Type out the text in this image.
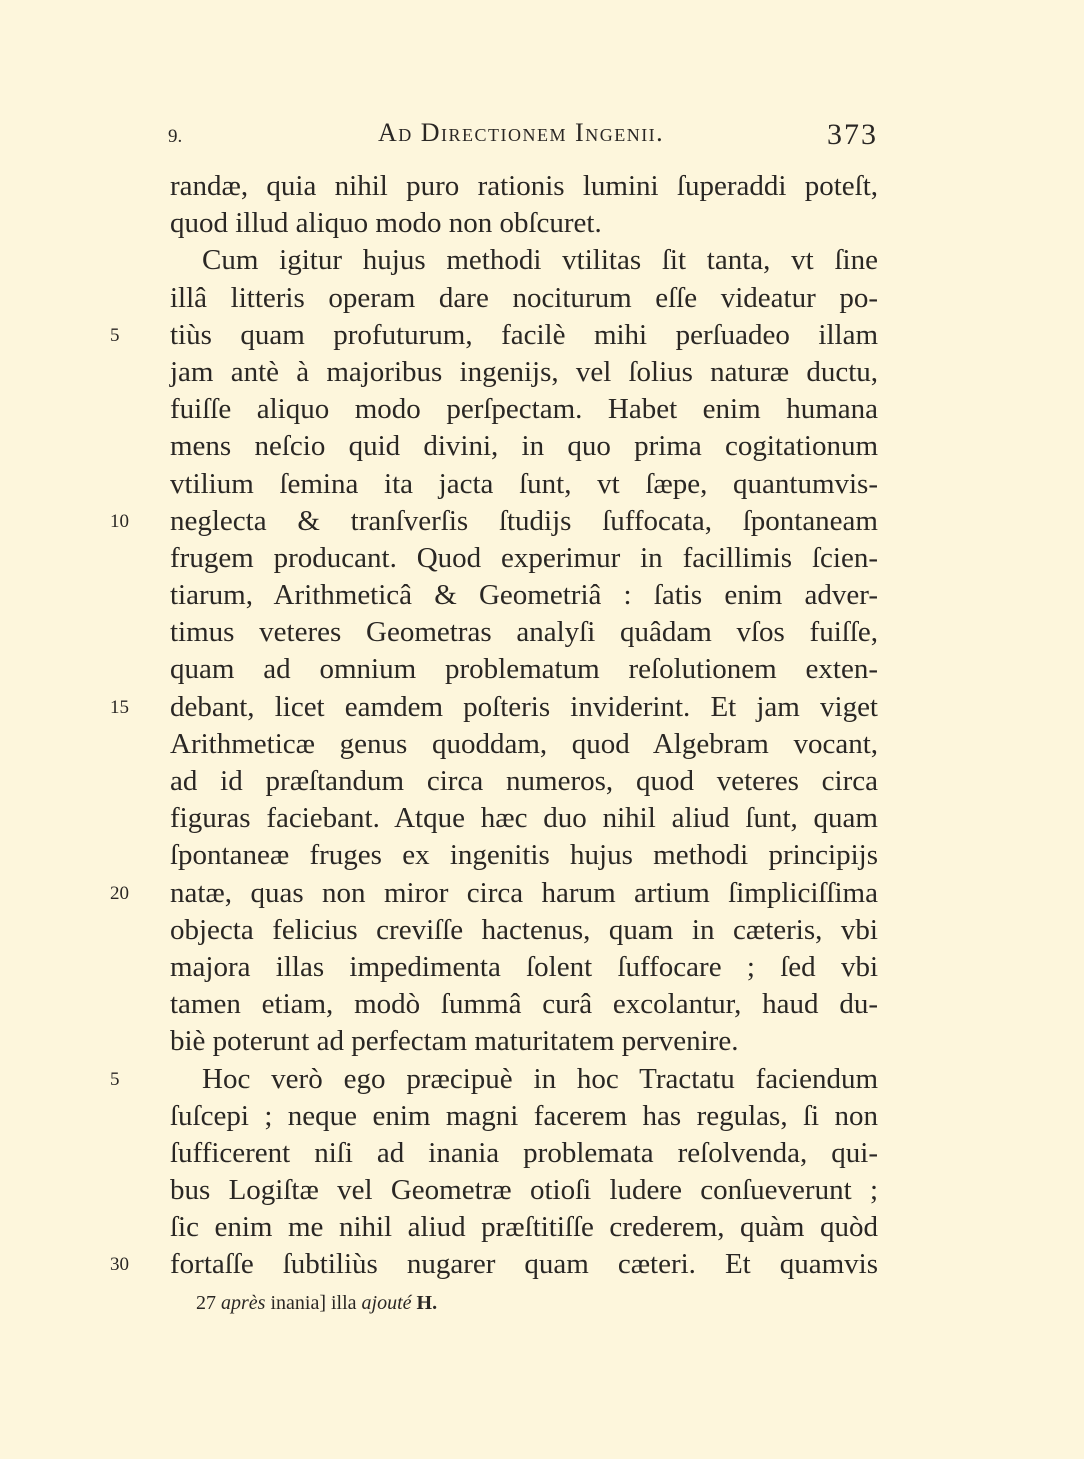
9.	Ad Directionem Ingenii.	373
randæ, quia nihil puro rationis lumini ſuperaddi poteſt,
quod illud aliquo modo non obſcuret.
Cum igitur hujus methodi vtilitas ſit tanta, vt ſine
illâ litteris operam dare nociturum eſſe videatur po-
tiùs quam profuturum, facilè mihi perſuadeo illam
5
jam antè à majoribus ingenijs, vel ſolius naturæ ductu,
fuiſſe aliquo modo perſpectam. Habet enim humana
mens neſcio quid divini, in quo prima cogitationum
vtilium ſemina ita jacta ſunt, vt ſæpe, quantumvis-
neglecta & tranſverſis ſtudijs ſuffocata, ſpontaneam
10
frugem producant. Quod experimur in facillimis ſcien-
tiarum, Arithmeticâ & Geometriâ : ſatis enim adver-
timus veteres Geometras analyſi quâdam vſos fuiſſe,
quam ad omnium problematum reſolutionem exten-
debant, licet eamdem poſteris inviderint. Et jam viget
15
Arithmeticæ genus quoddam, quod Algebram vocant,
ad id præſtandum circa numeros, quod veteres circa
figuras faciebant. Atque hæc duo nihil aliud ſunt, quam
ſpontaneæ fruges ex ingenitis hujus methodi principijs
natæ, quas non miror circa harum artium ſimpliciſſima
20
objecta felicius creviſſe hactenus, quam in cæteris, vbi
majora illas impedimenta ſolent ſuffocare ; ſed vbi
tamen etiam, modò ſummâ curâ excolantur, haud du-
biè poterunt ad perfectam maturitatem pervenire.
Hoc verò ego præcipuè in hoc Tractatu faciendum
5
ſuſcepi ; neque enim magni facerem has regulas, ſi non
ſufficerent niſi ad inania problemata reſolvenda, qui-
bus Logiſtæ vel Geometræ otioſi ludere conſueverunt ;
ſic enim me nihil aliud præſtitiſſe crederem, quàm quòd
fortaſſe ſubtiliùs nugarer quam cæteri. Et quamvis
30
27 après inania] illa ajouté H.
